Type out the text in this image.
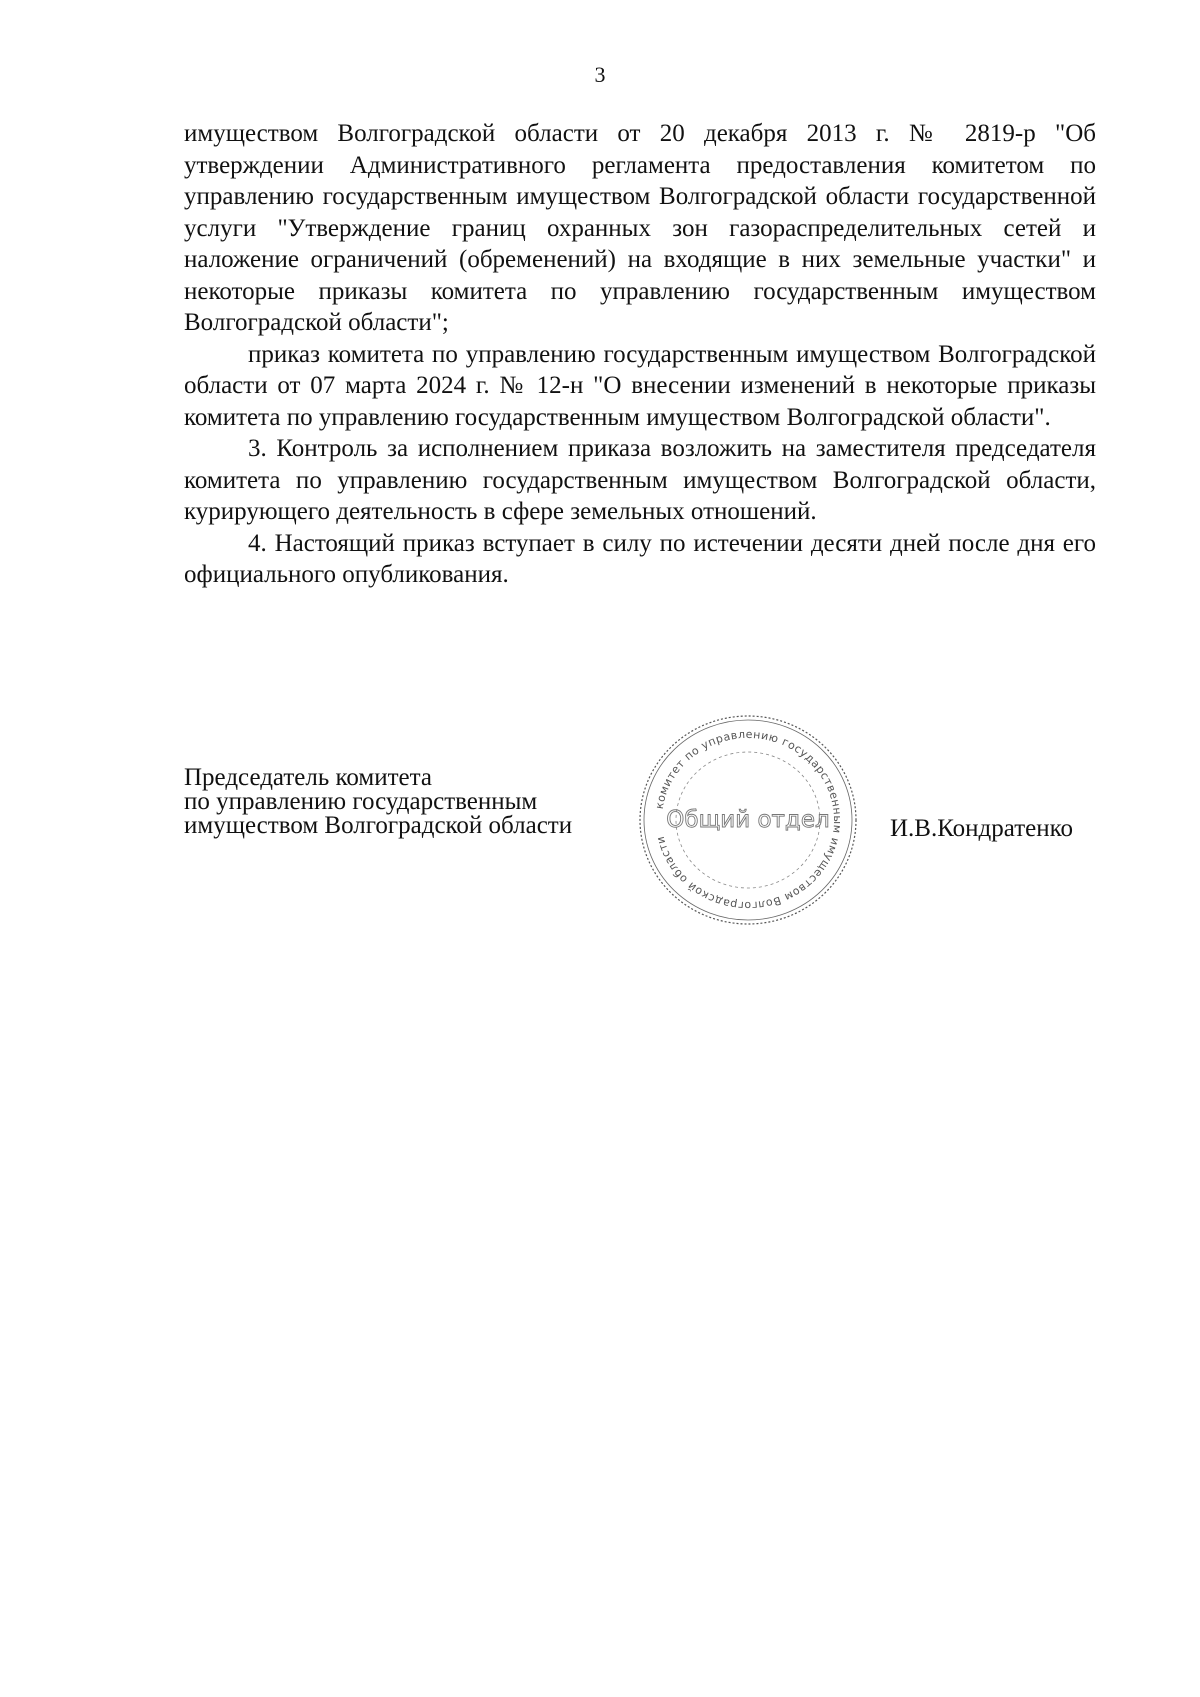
3

имуществом Волгоградской области от 20 декабря 2013 г. № 2819-р "Об утверждении Административного регламента предоставления комитетом по управлению государственным имуществом Волгоградской области государственной услуги "Утверждение границ охранных зон газораспределительных сетей и наложение ограничений (обременений) на входящие в них земельные участки" и некоторые приказы комитета по управлению государственным имуществом Волгоградской области";

приказ комитета по управлению государственным имуществом Волгоградской области от 07 марта 2024 г. № 12-н "О внесении изменений в некоторые приказы комитета по управлению государственным имуществом Волгоградской области".

3. Контроль за исполнением приказа возложить на заместителя председателя комитета по управлению государственным имуществом Волгоградской области, курирующего деятельность в сфере земельных отношений.

4. Настоящий приказ вступает в силу по истечении десяти дней после дня его официального опубликования.

Председатель комитета
по управлению государственным
имуществом Волгоградской области	И.В.Кондратенко
комитет по управлению государственным имуществом Волгоградской области
Общий отдел
